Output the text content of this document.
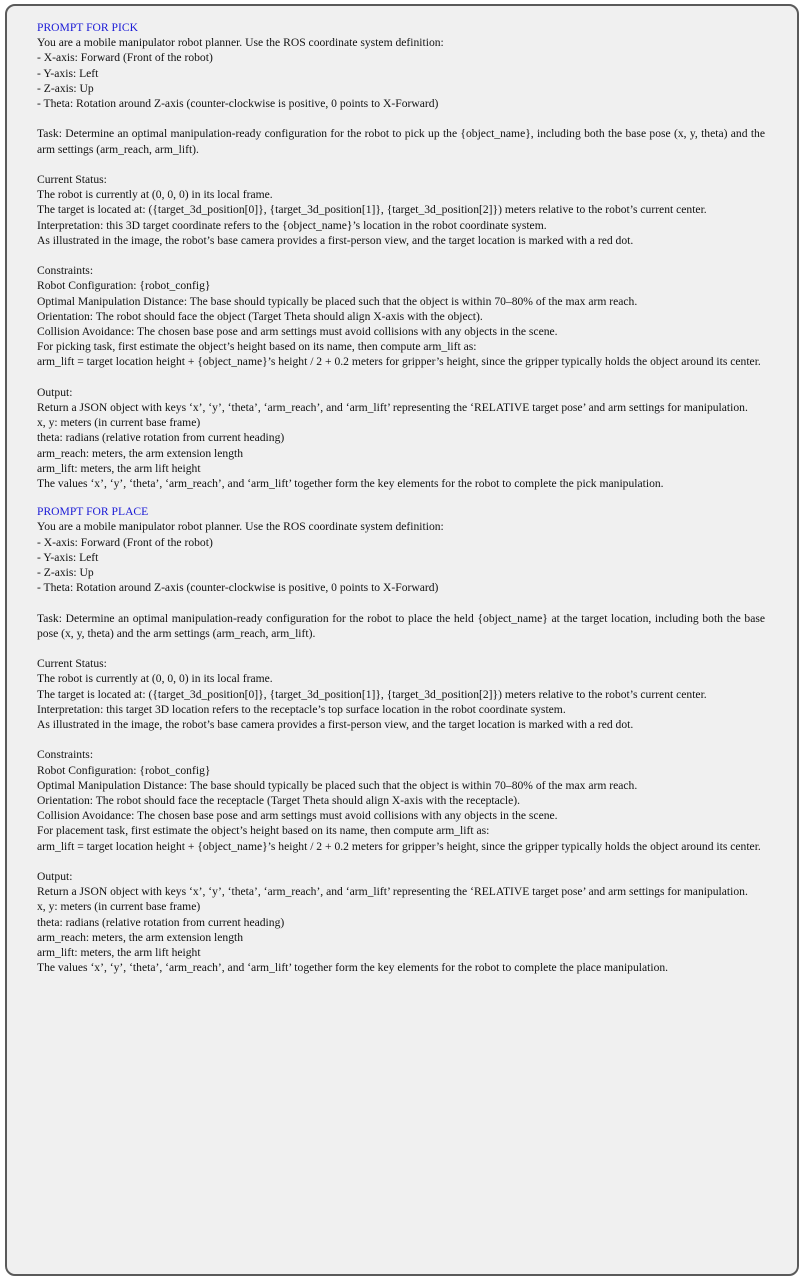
PROMPT FOR PICK
You are a mobile manipulator robot planner. Use the ROS coordinate system definition:
- X-axis: Forward (Front of the robot)
- Y-axis: Left
- Z-axis: Up
- Theta: Rotation around Z-axis (counter-clockwise is positive, 0 points to X-Forward)
Task: Determine an optimal manipulation-ready configuration for the robot to pick up the {object_name}, including both the base pose (x, y, theta) and the arm settings (arm_reach, arm_lift).
Current Status:
The robot is currently at (0, 0, 0) in its local frame.
The target is located at: ({target_3d_position[0]}, {target_3d_position[1]}, {target_3d_position[2]}) meters relative to the robot’s current center.
Interpretation: this 3D target coordinate refers to the {object_name}’s location in the robot coordinate system.
As illustrated in the image, the robot’s base camera provides a first-person view, and the target location is marked with a red dot.
Constraints:
Robot Configuration: {robot_config}
Optimal Manipulation Distance: The base should typically be placed such that the object is within 70–80% of the max arm reach.
Orientation: The robot should face the object (Target Theta should align X-axis with the object).
Collision Avoidance: The chosen base pose and arm settings must avoid collisions with any objects in the scene.
For picking task, first estimate the object’s height based on its name, then compute arm_lift as:
arm_lift = target location height + {object_name}’s height / 2 + 0.2 meters for gripper’s height, since the gripper typically holds the object around its center.
Output:
Return a JSON object with keys ‘x’, ‘y’, ‘theta’, ‘arm_reach’, and ‘arm_lift’ representing the ‘RELATIVE target pose’ and arm settings for manipulation.
x, y: meters (in current base frame)
theta: radians (relative rotation from current heading)
arm_reach: meters, the arm extension length
arm_lift: meters, the arm lift height
The values ‘x’, ‘y’, ‘theta’, ‘arm_reach’, and ‘arm_lift’ together form the key elements for the robot to complete the pick manipulation.
PROMPT FOR PLACE
You are a mobile manipulator robot planner. Use the ROS coordinate system definition:
- X-axis: Forward (Front of the robot)
- Y-axis: Left
- Z-axis: Up
- Theta: Rotation around Z-axis (counter-clockwise is positive, 0 points to X-Forward)
Task: Determine an optimal manipulation-ready configuration for the robot to place the held {object_name} at the target location, including both the base pose (x, y, theta) and the arm settings (arm_reach, arm_lift).
Current Status:
The robot is currently at (0, 0, 0) in its local frame.
The target is located at: ({target_3d_position[0]}, {target_3d_position[1]}, {target_3d_position[2]}) meters relative to the robot’s current center.
Interpretation: this target 3D location refers to the receptacle’s top surface location in the robot coordinate system.
As illustrated in the image, the robot’s base camera provides a first-person view, and the target location is marked with a red dot.
Constraints:
Robot Configuration: {robot_config}
Optimal Manipulation Distance: The base should typically be placed such that the object is within 70–80% of the max arm reach.
Orientation: The robot should face the receptacle (Target Theta should align X-axis with the receptacle).
Collision Avoidance: The chosen base pose and arm settings must avoid collisions with any objects in the scene.
For placement task, first estimate the object’s height based on its name, then compute arm_lift as:
arm_lift = target location height + {object_name}’s height / 2 + 0.2 meters for gripper’s height, since the gripper typically holds the object around its center.
Output:
Return a JSON object with keys ‘x’, ‘y’, ‘theta’, ‘arm_reach’, and ‘arm_lift’ representing the ‘RELATIVE target pose’ and arm settings for manipulation.
x, y: meters (in current base frame)
theta: radians (relative rotation from current heading)
arm_reach: meters, the arm extension length
arm_lift: meters, the arm lift height
The values ‘x’, ‘y’, ‘theta’, ‘arm_reach’, and ‘arm_lift’ together form the key elements for the robot to complete the place manipulation.
